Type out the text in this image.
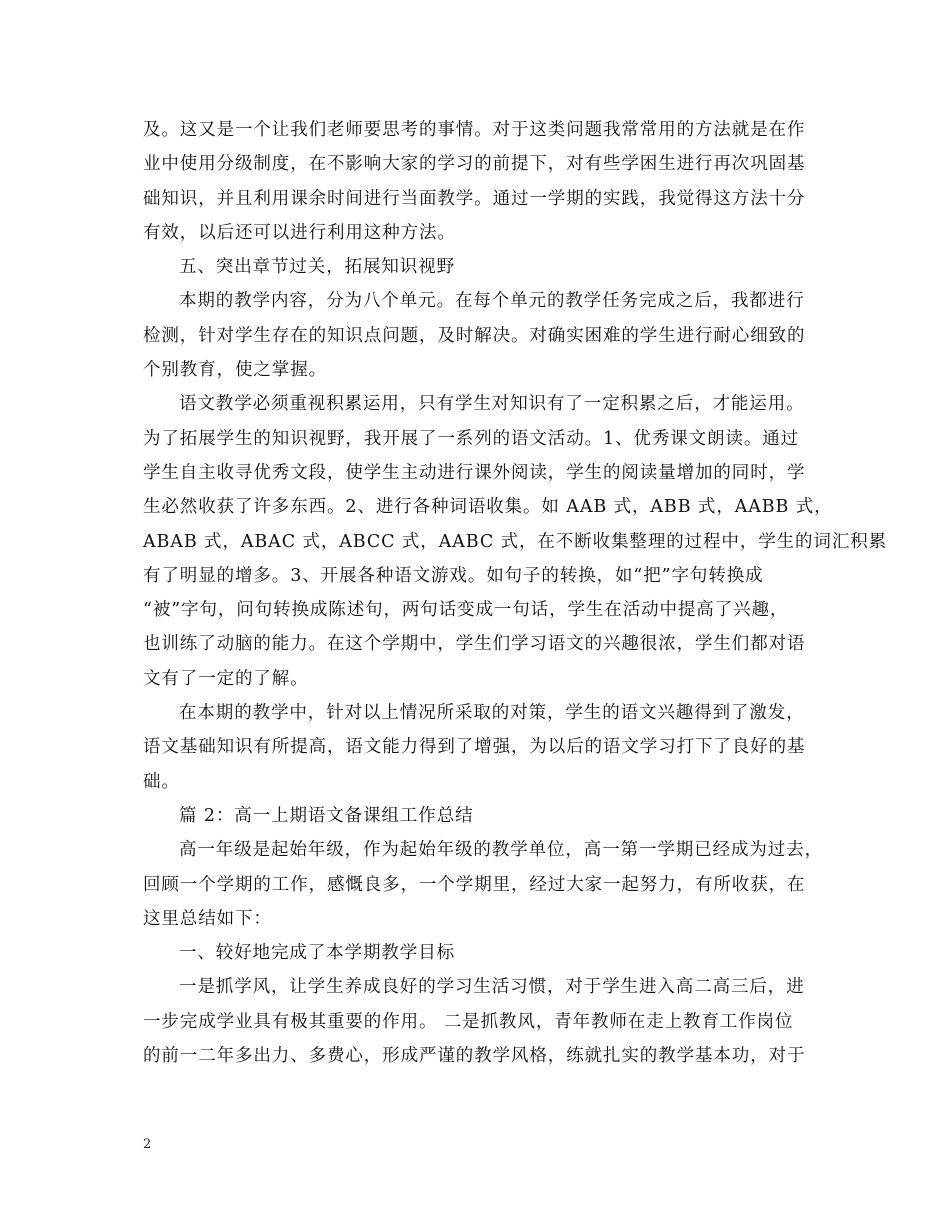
及。这又是一个让我们老师要思考的事情。对于这类问题我常常用的方法就是在作
业中使用分级制度，在不影响大家的学习的前提下，对有些学困生进行再次巩固基
础知识，并且利用课余时间进行当面教学。通过一学期的实践，我觉得这方法十分
有效，以后还可以进行利用这种方法。
五、突出章节过关，拓展知识视野
本期的教学内容，分为八个单元。在每个单元的教学任务完成之后，我都进行
检测，针对学生存在的知识点问题，及时解决。对确实困难的学生进行耐心细致的
个别教育，使之掌握。
语文教学必须重视积累运用，只有学生对知识有了一定积累之后，才能运用。
为了拓展学生的知识视野，我开展了一系列的语文活动。1、优秀课文朗读。通过
学生自主收寻优秀文段，使学生主动进行课外阅读，学生的阅读量增加的同时，学
生必然收获了许多东西。2、进行各种词语收集。如 AAB 式，ABB 式，AABB 式，
ABAB 式，ABAC 式，ABCC 式，AABC 式，在不断收集整理的过程中，学生的词汇积累
有了明显的增多。3、开展各种语文游戏。如句子的转换，如“把”字句转换成
“被”字句，问句转换成陈述句，两句话变成一句话，学生在活动中提高了兴趣，
也训练了动脑的能力。在这个学期中，学生们学习语文的兴趣很浓，学生们都对语
文有了一定的了解。
在本期的教学中，针对以上情况所采取的对策，学生的语文兴趣得到了激发，
语文基础知识有所提高，语文能力得到了增强，为以后的语文学习打下了良好的基
础。
篇 2：高一上期语文备课组工作总结
高一年级是起始年级，作为起始年级的教学单位，高一第一学期已经成为过去，
回顾一个学期的工作，感慨良多，一个学期里，经过大家一起努力，有所收获，在
这里总结如下：
一、较好地完成了本学期教学目标
一是抓学风，让学生养成良好的学习生活习惯，对于学生进入高二高三后，进
一步完成学业具有极其重要的作用。 二是抓教风，青年教师在走上教育工作岗位
的前一二年多出力、多费心，形成严谨的教学风格，练就扎实的教学基本功，对于
2
